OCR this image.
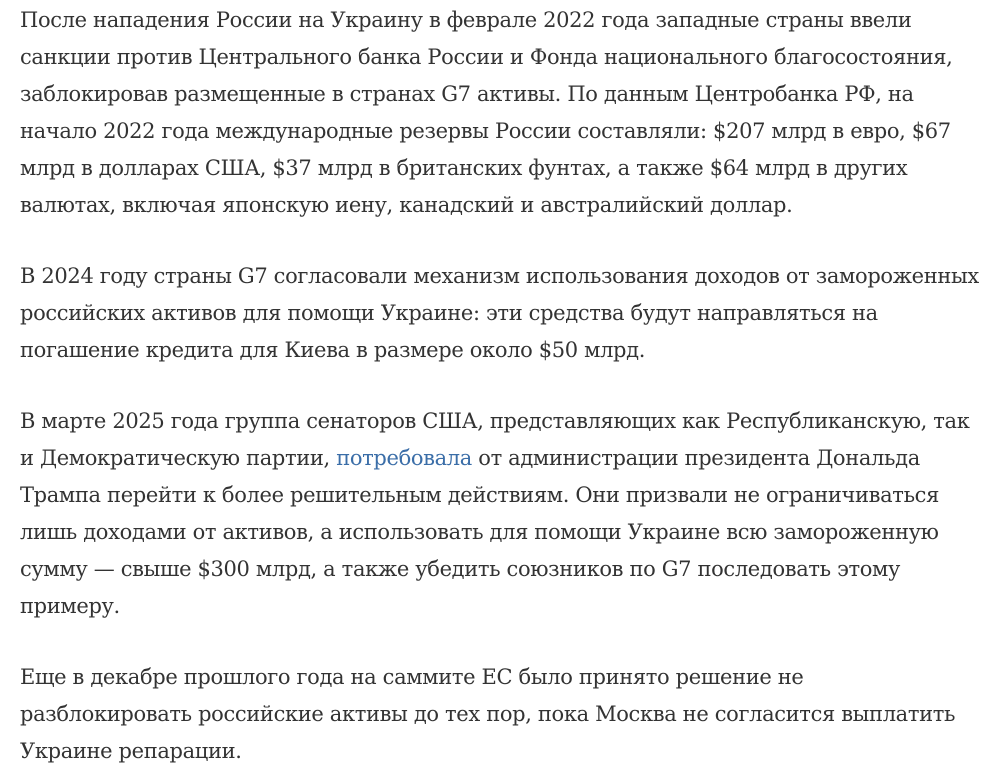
После нападения России на Украину в феврале 2022 года западные страны ввели санкции против Центрального банка России и Фонда национального благосостояния, заблокировав размещенные в странах G7 активы. По данным Центробанка РФ, на начало 2022 года международные резервы России составляли: $207 млрд в евро, $67 млрд в долларах США, $37 млрд в британских фунтах, а также $64 млрд в других валютах, включая японскую иену, канадский и австралийский доллар.

В 2024 году страны G7 согласовали механизм использования доходов от замороженных российских активов для помощи Украине: эти средства будут направляться на погашение кредита для Киева в размере около $50 млрд.

В марте 2025 года группа сенаторов США, представляющих как Республиканскую, так и Демократическую партии, потребовала от администрации президента Дональда Трампа перейти к более решительным действиям. Они призвали не ограничиваться лишь доходами от активов, а использовать для помощи Украине всю замороженную сумму — свыше $300 млрд, а также убедить союзников по G7 последовать этому примеру.

Еще в декабре прошлого года на саммите ЕС было принято решение не разблокировать российские активы до тех пор, пока Москва не согласится выплатить Украине репарации.
